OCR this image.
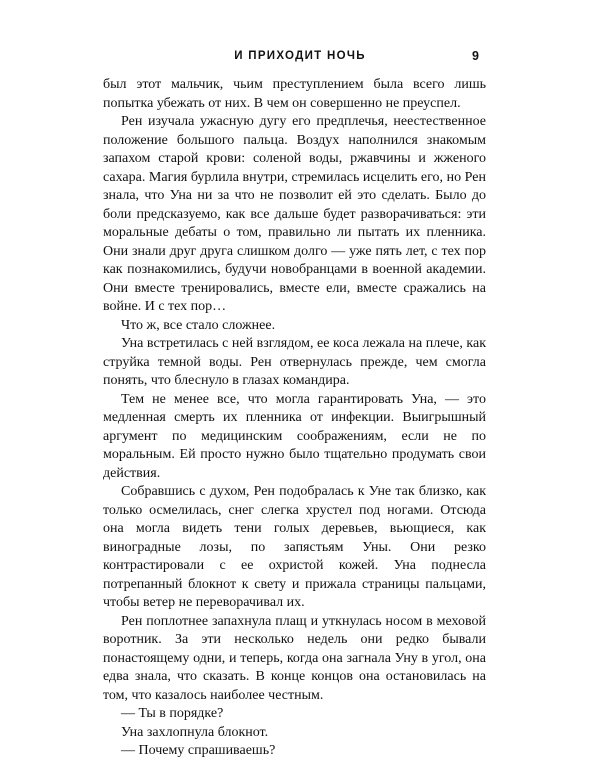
И ПРИХОДИТ НОЧЬ	9

был этот мальчик, чьим преступлением была всего лишь попытка убежать от них. В чем он совершенно не преуспел.

Рен изучала ужасную дугу его предплечья, неестественное положение большого пальца. Воздух наполнился знакомым запахом старой крови: соленой воды, ржавчины и жженого сахара. Магия бурлила внутри, стремилась исцелить его, но Рен знала, что Уна ни за что не позволит ей это сделать. Было до боли предсказуемо, как все дальше будет разворачиваться: эти моральные дебаты о том, правильно ли пытать их пленника. Они знали друг друга слишком долго — уже пять лет, с тех пор как познакомились, будучи новобранцами в военной академии. Они вместе тренировались, вместе ели, вместе сражались на войне. И с тех пор…

Что ж, все стало сложнее.

Уна встретилась с ней взглядом, ее коса лежала на плече, как струйка темной воды. Рен отвернулась прежде, чем смогла понять, что блеснуло в глазах командира.

Тем не менее все, что могла гарантировать Уна, — это медленная смерть их пленника от инфекции. Выигрышный аргумент по медицинским соображениям, если не по моральным. Ей просто нужно было тщательно продумать свои действия.

Собравшись с духом, Рен подобралась к Уне так близко, как только осмелилась, снег слегка хрустел под ногами. Отсюда она могла видеть тени голых деревьев, вьющиеся, как виноградные лозы, по запястьям Уны. Они резко контрастировали с ее охристой кожей. Уна поднесла потрепанный блокнот к свету и прижала страницы пальцами, чтобы ветер не переворачивал их.

Рен поплотнее запахнула плащ и уткнулась носом в меховой воротник. За эти несколько недель они редко бывали понастоящему одни, и теперь, когда она загнала Уну в угол, она едва знала, что сказать. В конце концов она остановилась на том, что казалось наиболее честным.

— Ты в порядке?

Уна захлопнула блокнот.

— Почему спрашиваешь?
